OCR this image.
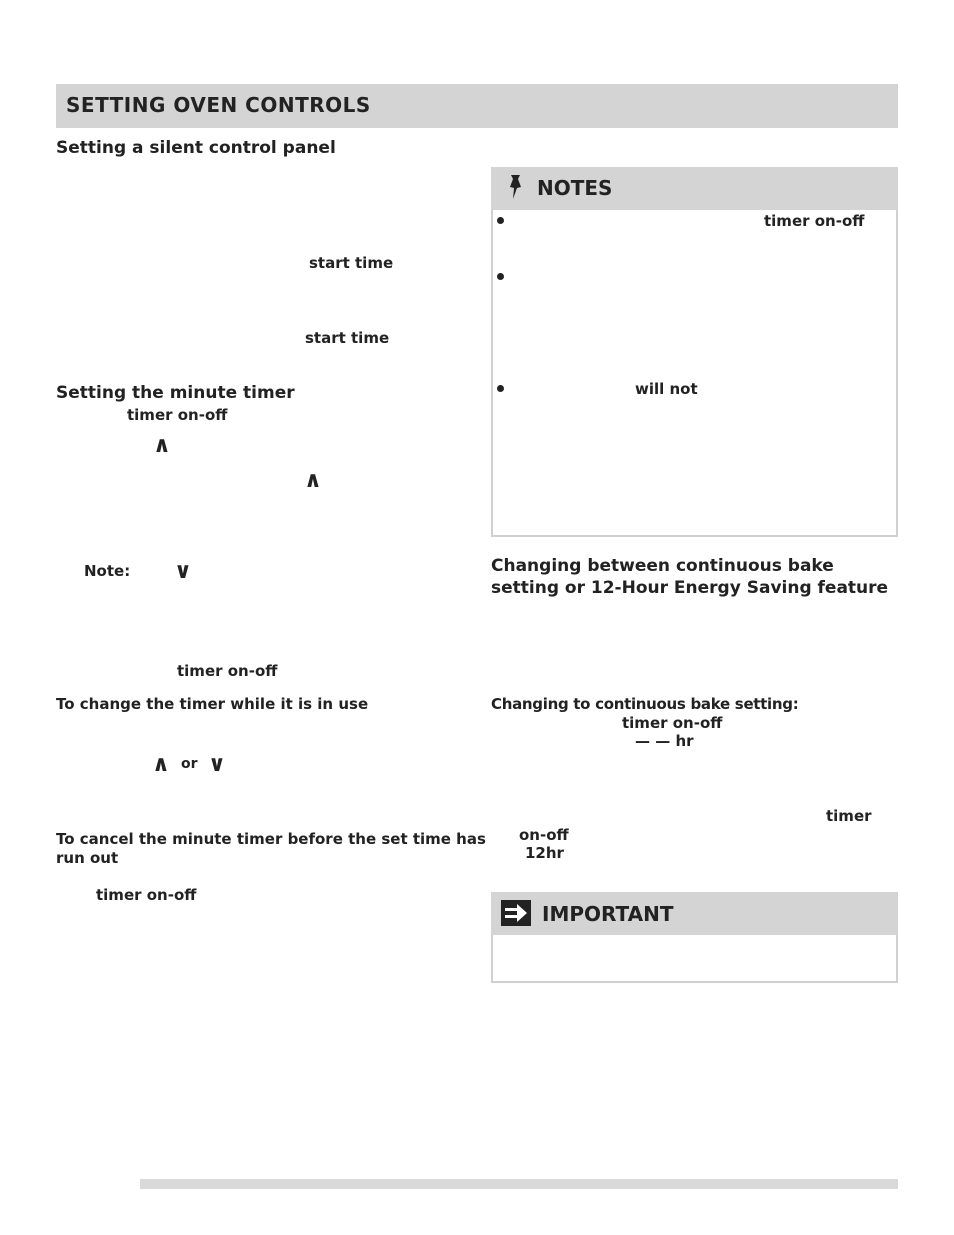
SETTING OVEN CONTROLS
Setting a silent control panel
start time
start time
Setting the minute timer
timer on-off
∧
∧
Note: ∨
timer on-off
To change the timer while it is in use
∧ or ∨
To cancel the minute timer before the set time has
run out
timer on-off
NOTES
timer on-off
will not
Changing between continuous bake
setting or 12-Hour Energy Saving feature
Changing to continuous bake setting:
timer on-off
— — hr
timer
on-off
12hr
IMPORTANT
